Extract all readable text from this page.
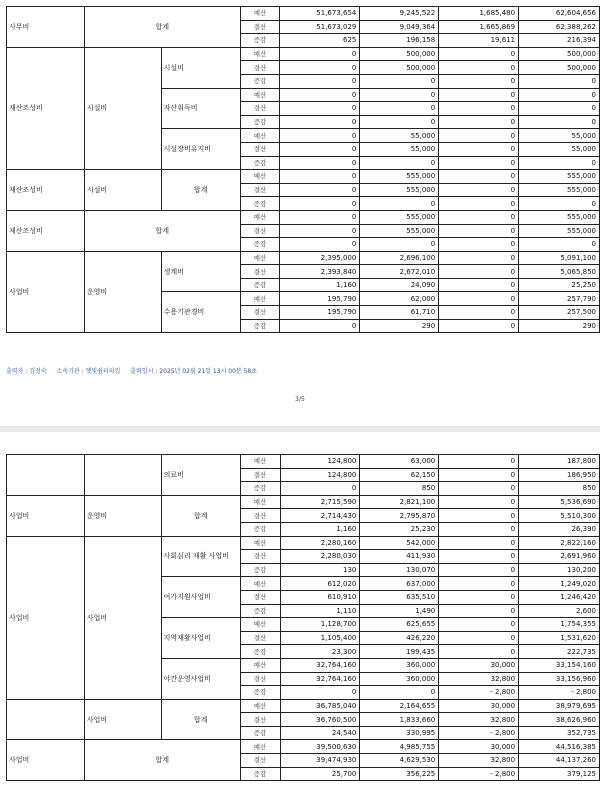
사무비	합계		예산	51,673,654	9,245,522	1,685,480	62,604,656
			결산	51,673,029	9,049,364	1,665,869	62,388,262
			증감	625	196,158	19,611	216,394
재산조성비	시설비	시설비	예산	0	500,000	0	500,000
			결산	0	500,000	0	500,000
			증감	0	0	0	0
		자산취득비	예산	0	0	0	0
			결산	0	0	0	0
			증감	0	0	0	0
		시설장비유지비	예산	0	55,000	0	55,000
			결산	0	55,000	0	55,000
			증감	0	0	0	0
재산조성비	시설비	합계	예산	0	555,000	0	555,000
			결산	0	555,000	0	555,000
			증감	0	0	0	0
재산조성비	합계		예산	0	555,000	0	555,000
			결산	0	555,000	0	555,000
			증감	0	0	0	0
사업비	운영비	생계비	예산	2,395,000	2,696,100	0	5,091,100
			결산	2,393,840	2,672,010	0	5,065,850
			증감	1,160	24,090	0	25,250
		수용기관경비	예산	195,790	62,000	0	257,790
			결산	195,790	61,710	0	257,500
			증감	0	290	0	290
출력자 : 김정숙 소속기관 : 햇빛쉼터의집 출력일시 : 2025년 02월 21일 13시 00분 58초
3/5
		의료비	예산	124,800	63,000	0	187,800
			결산	124,800	62,150	0	186,950
			증감	0	850	0	850
사업비	운영비	합계	예산	2,715,590	2,821,100	0	5,536,690
			결산	2,714,430	2,795,870	0	5,510,300
			증감	1,160	25,230	0	26,390
사업비	사업비	사회심리 재활 사업비	예산	2,280,160	542,000	0	2,822,160
			결산	2,280,030	411,930	0	2,691,960
			증감	130	130,070	0	130,200
		여가지원사업비	예산	612,020	637,000	0	1,249,020
			결산	610,910	635,510	0	1,246,420
			증감	1,110	1,490	0	2,600
		지역재활사업비	예산	1,128,700	625,655	0	1,754,355
			결산	1,105,400	426,220	0	1,531,620
			증감	23,300	199,435	0	222,735
		야간운영사업비	예산	32,764,160	360,000	30,000	33,154,160
			결산	32,764,160	360,000	32,800	33,156,960
			증감	0	0	- 2,800	- 2,800
	사업비	합계	예산	36,785,040	2,164,655	30,000	38,979,695
			결산	36,760,500	1,833,660	32,800	38,626,960
			증감	24,540	330,995	- 2,800	352,735
사업비	합계		예산	39,500,630	4,985,755	30,000	44,516,385
			결산	39,474,930	4,629,530	32,800	44,137,260
			증감	25,700	356,225	- 2,800	379,125
